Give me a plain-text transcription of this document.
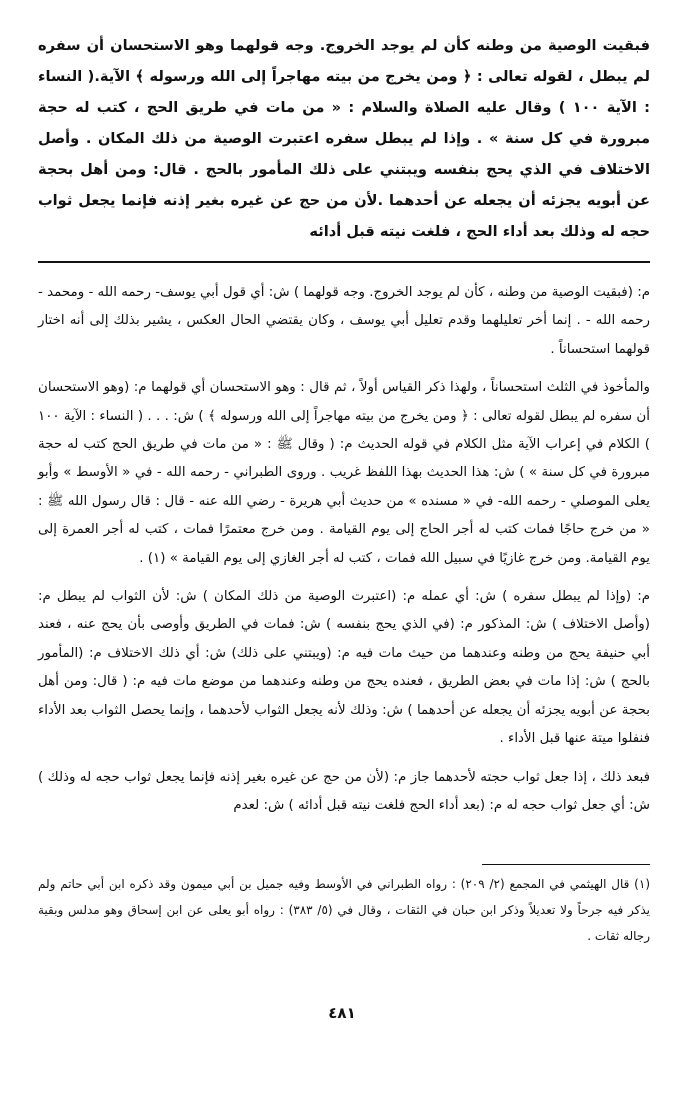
فبقيت الوصية من وطنه كأن لم يوجد الخروج. وجه قولهما وهو الاستحسان أن سفره لم يبطل ، لقوله تعالى : ﴿ ومن يخرج من بيته مهاجراً إلى الله ورسوله ﴾ الآية.( النساء : الآية ١٠٠ ) وقال عليه الصلاة والسلام : « من مات في طريق الحج ، كتب له حجة مبرورة في كل سنة » . وإذا لم يبطل سفره اعتبرت الوصية من ذلك المكان . وأصل الاختلاف في الذي يحج بنفسه ويبتني على ذلك المأمور بالحج . قال: ومن أهل بحجة عن أبويه يجزئه أن يجعله عن أحدهما .لأن من حج عن غيره بغير إذنه فإنما يجعل ثواب حجه له وذلك بعد أداء الحج ، فلغت نيته قبل أدائه

م: (فبقيت الوصية من وطنه ، كأن لم يوجد الخروج. وجه قولهما ) ش: أي قول أبي يوسف- رحمه الله - ومحمد - رحمه الله - . إنما أخر تعليلهما وقدم تعليل أبي يوسف ، وكان يقتضي الحال العكس ، يشير بذلك إلى أنه اختار قولهما استحساناً .

والمأخوذ في الثلث استحساناً ، ولهذا ذكر القياس أولاً ، ثم قال : وهو الاستحسان أي قولهما م: (وهو الاستحسان أن سفره لم يبطل لقوله تعالى : ﴿ ومن يخرج من بيته مهاجراً إلى الله ورسوله ﴾ ) ش: . . . ( النساء : الآية ١٠٠ ) الكلام في إعراب الآية مثل الكلام في قوله الحديث م: ( وقال ﷺ : « من مات في طريق الحج كتب له حجة مبرورة في كل سنة » ) ش: هذا الحديث بهذا اللفظ غريب . وروى الطبراني - رحمه الله - في « الأوسط » وأبو يعلى الموصلي - رحمه الله- في « مسنده » من حديث أبي هريرة - رضي الله عنه - قال : قال رسول الله ﷺ : « من خرج حاجًا فمات كتب له أجر الحاج إلى يوم القيامة . ومن خرج معتمرًا فمات ، كتب له أجر العمرة إلى يوم القيامة. ومن خرج غازيًا في سبيل الله فمات ، كتب له أجر الغازي إلى يوم القيامة » (١) .

م: (وإذا لم يبطل سفره ) ش: أي عمله م: (اعتبرت الوصية من ذلك المكان ) ش: لأن الثواب لم يبطل م: (وأصل الاختلاف ) ش: المذكور م: (في الذي يحج بنفسه ) ش: فمات في الطريق وأوصى بأن يحج عنه ، فعند أبي حنيفة يحج من وطنه وعندهما من حيث مات فيه م: (ويبتني على ذلك) ش: أي ذلك الاختلاف م: (المأمور بالحج ) ش: إذا مات في بعض الطريق ، فعنده يحج من وطنه وعندهما من موضع مات فيه م: ( قال: ومن أهل بحجة عن أبويه يجزئه أن يجعله عن أحدهما ) ش: وذلك لأنه يجعل الثواب لأحدهما ، وإنما يحصل الثواب بعد الأداء فنفلوا ميتة عنها قبل الأداء .

فبعد ذلك ، إذا جعل ثواب حجته لأحدهما جاز م: (لأن من حج عن غيره بغير إذنه فإنما يجعل ثواب حجه له وذلك ) ش: أي جعل ثواب حجه له م: (بعد أداء الحج فلغت نيته قبل أدائه ) ش: لعدم

(١) قال الهيثمي في المجمع (٢/ ٢٠٩) : رواه الطبراني في الأوسط وفيه جميل بن أبي ميمون وقد ذكره ابن أبي حاتم ولم يذكر فيه جرحاً ولا تعديلاً وذكر ابن حبان في الثقات ، وقال في (٥/ ٣٨٣) : رواه أبو يعلى عن ابن إسحاق وهو مدلس وبقية رجاله ثقات .

٤٨١
